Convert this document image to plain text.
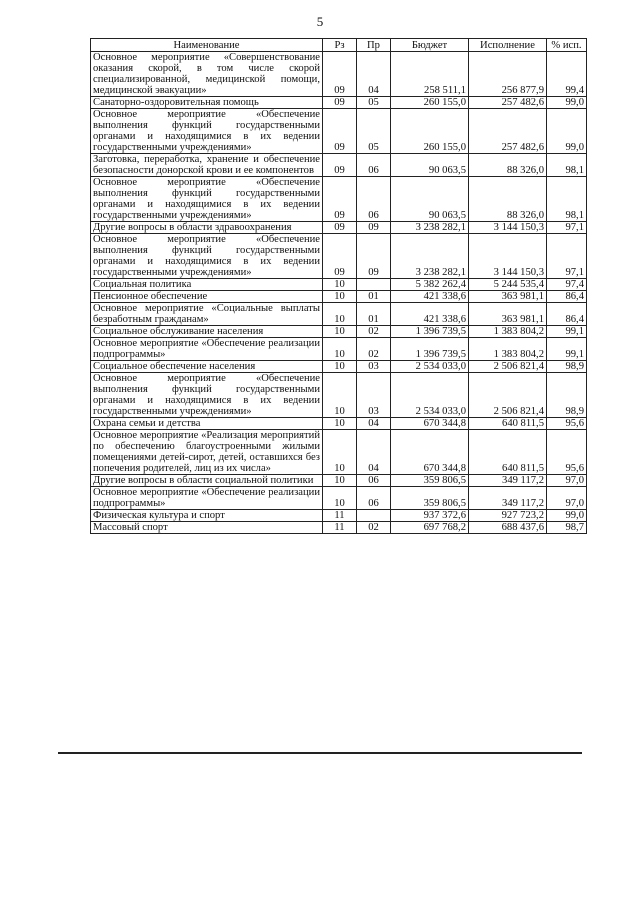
5
Наименование	Рз	Пр	Бюджет	Исполнение	% исп.
Основное мероприятие «Совершенствование оказания скорой, в том числе скорой специализированной, медицинской помощи, медицинской эвакуации»	09	04	258 511,1	256 877,9	99,4
Санаторно-оздоровительная помощь	09	05	260 155,0	257 482,6	99,0
Основное мероприятие «Обеспечение выполнения функций государственными органами и находящимися в их ведении государственными учреждениями»	09	05	260 155,0	257 482,6	99,0
Заготовка, переработка, хранение и обеспечение безопасности донорской крови и ее компонентов	09	06	90 063,5	88 326,0	98,1
Основное мероприятие «Обеспечение выполнения функций государственными органами и находящимися в их ведении государственными учреждениями»	09	06	90 063,5	88 326,0	98,1
Другие вопросы в области здравоохранения	09	09	3 238 282,1	3 144 150,3	97,1
Основное мероприятие «Обеспечение выполнения функций государственными органами и находящимися в их ведении государственными учреждениями»	09	09	3 238 282,1	3 144 150,3	97,1
Социальная политика	10		5 382 262,4	5 244 535,4	97,4
Пенсионное обеспечение	10	01	421 338,6	363 981,1	86,4
Основное мероприятие «Социальные выплаты безработным гражданам»	10	01	421 338,6	363 981,1	86,4
Социальное обслуживание населения	10	02	1 396 739,5	1 383 804,2	99,1
Основное мероприятие «Обеспечение реализации подпрограммы»	10	02	1 396 739,5	1 383 804,2	99,1
Социальное обеспечение населения	10	03	2 534 033,0	2 506 821,4	98,9
Основное мероприятие «Обеспечение выполнения функций государственными органами и находящимися в их ведении государственными учреждениями»	10	03	2 534 033,0	2 506 821,4	98,9
Охрана семьи и детства	10	04	670 344,8	640 811,5	95,6
Основное мероприятие «Реализация мероприятий по обеспечению благоустроенными жилыми помещениями детей-сирот, детей, оставшихся без попечения родителей, лиц из их числа»	10	04	670 344,8	640 811,5	95,6
Другие вопросы в области социальной политики	10	06	359 806,5	349 117,2	97,0
Основное мероприятие «Обеспечение реализации подпрограммы»	10	06	359 806,5	349 117,2	97,0
Физическая культура и спорт	11		937 372,6	927 723,2	99,0
Массовый спорт	11	02	697 768,2	688 437,6	98,7
